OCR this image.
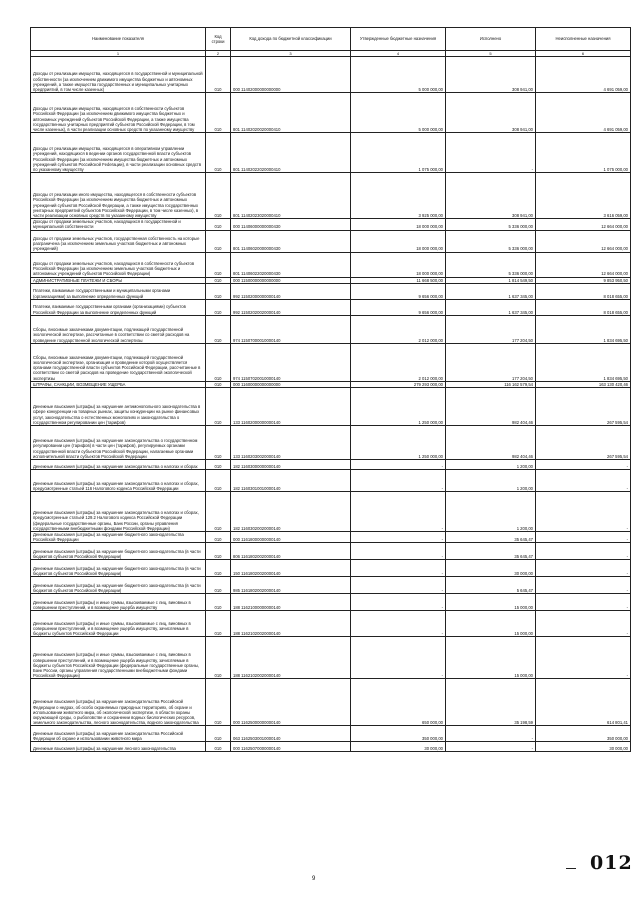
Наименование показателя	Код строки	Код дохода по бюджетной классификации	Утвержденные бюджетные назначения	Исполнено	Неисполненные назначения
1	2	3	4	5	6
Доходы от реализации имущества, находящегося в государственной и муниципальной собственности (за исключением движимого имущества бюджетных и автономных учреждений, а также имущества государственных и муниципальных унитарных предприятий, в том числе казенных)	010	000 11402000000000000	5 000 000,00	308 941,00	4 691 059,00
Доходы от реализации имущества, находящегося в собственности субъектов Российской Федерации (за исключением движимого имущества бюджетных и автономных учреждений субъектов Российской Федерации, а также имущества государственных унитарных предприятий субъектов Российской Федерации, в том числе казенных), в части реализации основных средств по указанному имуществу	010	801 11402020020000410	5 000 000,00	308 941,00	4 691 059,00
Доходы от реализации имущества, находящегося в оперативном управлении учреждений, находящихся в ведении органов государственной власти субъектов Российской Федерации (за исключением имущества бюджетных и автономных учреждений субъектов Российской Federации), в части реализации основных средств по указанному имуществу	010	801 11402022020000410	1 075 000,00	-	1 075 000,00
Доходы от реализации иного имущества, находящегося в собственности субъектов Российской Федерации (за исключением имущества бюджетных и автономных учреждений субъектов Российской Федерации, а также имущества государственных унитарных предприятий субъектов Российской Федерации, в том числе казенных), в части реализации основных средств по указанному имуществу	010	801 11402023020000410	3 925 000,00	308 941,00	3 616 059,00
Доходы от продажи земельных участков, находящихся в государственной и муниципальной собственности	010	000 11406000000000430	18 000 000,00	5 336 000,00	12 664 000,00
Доходы от продажи земельных участков, государственная собственность на которые разграничена (за исключением земельных участков бюджетных и автономных учреждений)	010	801 11406020000000430	18 000 000,00	5 336 000,00	12 664 000,00
Доходы от продажи земельных участков, находящихся в собственности субъектов Российской Федерации (за исключением земельных участков бюджетных и автономных учреждений субъектов Российской Федерации)	010	801 11406022020000430	18 000 000,00	5 336 000,00	12 664 000,00
АДМИНИСТРАТИВНЫЕ ПЛАТЕЖИ И СБОРЫ	010	000 11500000000000000	11 668 500,00	1 814 549,50	9 853 950,50
Платежи, взимаемые государственными и муниципальными органами (организациями) за выполнение определенных функций	010	992 11502000000000140	9 656 000,00	1 637 345,00	8 018 655,00
Платежи, взимаемые государственными органами (организациями) субъектов Российской Федерации за выполнение определенных функций	010	992 11502020020000140	9 656 000,00	1 637 345,00	8 018 655,00
Сборы, вносимые заказчиками документации, подлежащей государственной экологической экспертизе, рассчитанные в соответствии со сметой расходов на проведение государственной экологической экспертизы	010	974 11507000010000140	2 012 000,00	177 204,50	1 834 695,50
Сборы, вносимые заказчиками документации, подлежащей государственной экологической экспертизе, организация и проведение которой осуществляется органами государственной власти субъектов Российской Федерации, рассчитанные в соответствии со сметой расходов на проведение государственной экологической экспертизы	010	974 11507020010000140	2 012 000,00	177 204,50	1 834 695,50
ШТРАФЫ, САНКЦИИ, ВОЗМЕЩЕНИЕ УЩЕРБА	010	000 11600000000000000	279 293 000,00	116 162 579,54	163 130 420,46
Денежные взыскания (штрафы) за нарушение антимонопольного законодательства в сфере конкуренции на товарных рынках, защиты конкуренции на рынке финансовых услуг, законодательства о естественных монополиях и законодательства о государственном регулировании цен (тарифов)	010	133 11602000000000140	1 250 000,00	982 404,46	267 595,54
Денежные взыскания (штрафы) за нарушение законодательства о государственном регулировании цен (тарифов) в части цен (тарифов), регулируемых органами государственной власти субъектов Российской Федерации, налагаемые органами исполнительной власти субъектов Российской Федерации	010	133 11602030020000140	1 250 000,00	982 404,46	267 595,54
Денежные взыскания (штрафы) за нарушение законодательства о налогах и сборах	010	182 11603000000000140	-	1 200,00	-
Денежные взыскания (штрафы) за нарушение законодательства о налогах и сборах, предусмотренные статьей 116 Налогового кодекса Российской Федерации	010	182 11603010010000140	-	1 200,00	-
Денежные взыскания (штрафы) за нарушение законодательства о налогах и сборах, предусмотренные статьей 129.2 Налогового кодекса Российской Федерации (федеральные государственные органы, Банк России, органы управления государственными внебюджетными фондами Российской Федерации)	010	182 11603020020000140	-	1 200,00	-
Денежные взыскания (штрафы) за нарушение бюджетного законодательства Российской Федерации	010	000 11618000000000140	-	35 645,47	-
Денежные взыскания (штрафы) за нарушение бюджетного законодательства (в части бюджетов субъектов Российской Федерации)	010	806 11618020020000140	-	35 645,47	-
Денежные взыскания (штрафы) за нарушение бюджетного законодательства (в части бюджетов субъектов Российской Федерации)	010	150 11618020020000140	-	30 000,00	-
Денежные взыскания (штрафы) за нарушение бюджетного законодательства (в части бюджетов субъектов Российской Федерации)	010	985 11618020020000140	-	5 645,47	-
Денежные взыскания (штрафы) и иные суммы, взыскиваемые с лиц, виновных в совершении преступлений, и в возмещение ущерба имуществу	010	188 11621000000000140	-	15 000,00	-
Денежные взыскания (штрафы) и иные суммы, взыскиваемые с лиц, виновных в совершении преступлений, и в возмещение ущерба имуществу, зачисляемые в бюджеты субъектов Российской Федерации	010	188 11621020020000140	-	15 000,00	-
Денежные взыскания (штрафы) и иные суммы, взыскиваемые с лиц, виновных в совершении преступлений, и в возмещение ущерба имуществу, зачисляемые в бюджеты субъектов Российской Федерации (федеральные государственные органы, Банк России, органы управления государственными внебюджетными фондами Российской Федерации)	010	188 11621020020000140	-	15 000,00	-
Денежные взыскания (штрафы) за нарушение законодательства Российской Федерации о недрах, об особо охраняемых природных территориях, об охране и использовании животного мира, об экологической экспертизе, в области охраны окружающей среды, о рыболовстве и сохранении водных биологических ресурсов, земельного законодательства, лесного законодательства, водного законодательства	010	000 11625000000000140	650 000,00	35 198,59	614 801,41
Денежные взыскания (штрафы) за нарушение законодательства Российской Федерации об охране и использовании животного мира	010	063 11625030010000140	350 000,00	-	350 000,00
Денежные взыскания (штрафы) за нарушение лесного законодательства	010	000 11625070000000140	30 000,00	-	30 000,00
9
012
